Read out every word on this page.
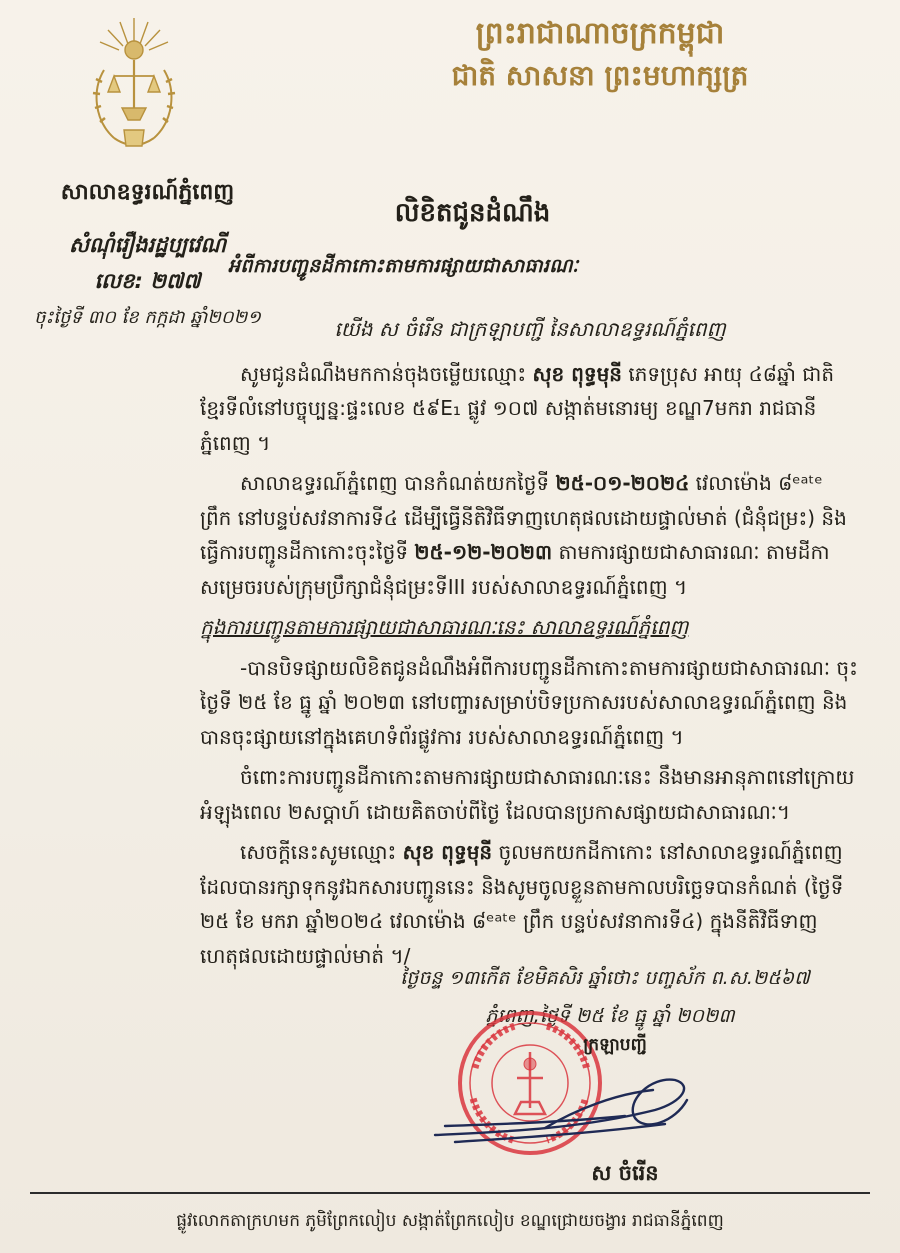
ព្រះរាជាណាចក្រកម្ពុជា
ជាតិ សាសនា ព្រះមហាក្សត្រ
សាលាឧទ្ធរណ៍ភ្នំពេញ
សំណុំរឿងរដ្ឋប្បវេណី
លេខ: ២៧៧
ចុះថ្ងៃទី ៣០ ខែ កក្កដា ឆ្នាំ២០២១
លិខិតជូនដំណឹង
អំពីការបញ្ជូនដីកាកោះតាមការផ្សាយជាសាធារណៈ

យើង ស ចំរើន ជាក្រឡាបញ្ជី នៃសាលាឧទ្ធរណ៍ភ្នំពេញ

សូមជូនដំណឹងមកកាន់ចុងចម្លើយឈ្មោះ សុខ ពុទ្ធមុនី ភេទប្រុស អាយុ ៤៨ឆ្នាំ ជាតិខ្មែរទីលំនៅបច្ចុប្បន្ន:ផ្ទះលេខ ៥៩E₁ ផ្លូវ ១០៧ សង្កាត់មនោរម្យ ខណ្ឌ7មករា រាជធានីភ្នំពេញ ។

សាលាឧទ្ធរណ៍ភ្នំពេញ បានកំណត់យកថ្ងៃទី ២៥-០១-២០២៤ វេលាម៉ោង ៨ᵉᵃᵗᵉ ព្រឹក នៅបន្ទប់សវនាការទី៤ ដើម្បីធ្វើនីតិវិធីទាញហេតុផលដោយផ្ទាល់មាត់ (ជំនុំជម្រះ) និងធ្វើការបញ្ជូនដីកាកោះចុះថ្ងៃទី ២៥-១២-២០២៣ តាមការផ្សាយជាសាធារណៈ តាមដីកាសម្រេចរបស់ក្រុមប្រឹក្សាជំនុំជម្រះទីIII របស់សាលាឧទ្ធរណ៍ភ្នំពេញ ។

ក្នុងការបញ្ជូនតាមការផ្សាយជាសាធារណៈនេះ សាលាឧទ្ធរណ៍ភ្នំពេញ

-បានបិទផ្សាយលិខិតជូនដំណឹងអំពីការបញ្ជូនដីកាកោះតាមការផ្សាយជាសាធារណៈ ចុះថ្ងៃទី ២៥ ខែ ធ្នូ ឆ្នាំ ២០២៣ នៅបញ្ចារសម្រាប់បិទប្រកាសរបស់សាលាឧទ្ធរណ៍ភ្នំពេញ និងបានចុះផ្សាយនៅក្នុងគេហទំព័រផ្លូវការ របស់សាលាឧទ្ធរណ៍ភ្នំពេញ ។

ចំពោះការបញ្ជូនដីកាកោះតាមការផ្សាយជាសាធារណៈនេះ នឹងមានអានុភាពនៅក្រោយអំឡុងពេល ២សប្តាហ៍ ដោយគិតចាប់ពីថ្ងៃ ដែលបានប្រកាសផ្សាយជាសាធារណៈ។

សេចក្តីនេះសូមឈ្មោះ សុខ ពុទ្ធមុនី ចូលមកយកដីកាកោះ នៅសាលាឧទ្ធរណ៍ភ្នំពេញដែលបានរក្សាទុកនូវឯកសារបញ្ជូននេះ និងសូមចូលខ្លួនតាមកាលបរិច្ឆេទបានកំណត់ (ថ្ងៃទី ២៥ ខែ មករា ឆ្នាំ២០២៤ វេលាម៉ោង ៨ᵉᵃᵗᵉ ព្រឹក បន្ទប់សវនាការទី៤) ក្នុងនីតិវិធីទាញហេតុផលដោយផ្ទាល់មាត់ ។/

ថ្ងៃចន្ទ ១៣កើត ខែមិគសិរ ឆ្នាំថោះ បញ្ចស័ក ព.ស.២៥៦៧
ភ្នំពេញ,ថ្ងៃទី ២៥ ខែ ធ្នូ ឆ្នាំ ២០២៣
ក្រឡាបញ្ជី
ស ចំរើន
ផ្លូវលោកតាក្រហមក ភូមិព្រែកលៀប សង្កាត់ព្រែកលៀប ខណ្ឌជ្រោយចង្វារ រាជធានីភ្នំពេញ
